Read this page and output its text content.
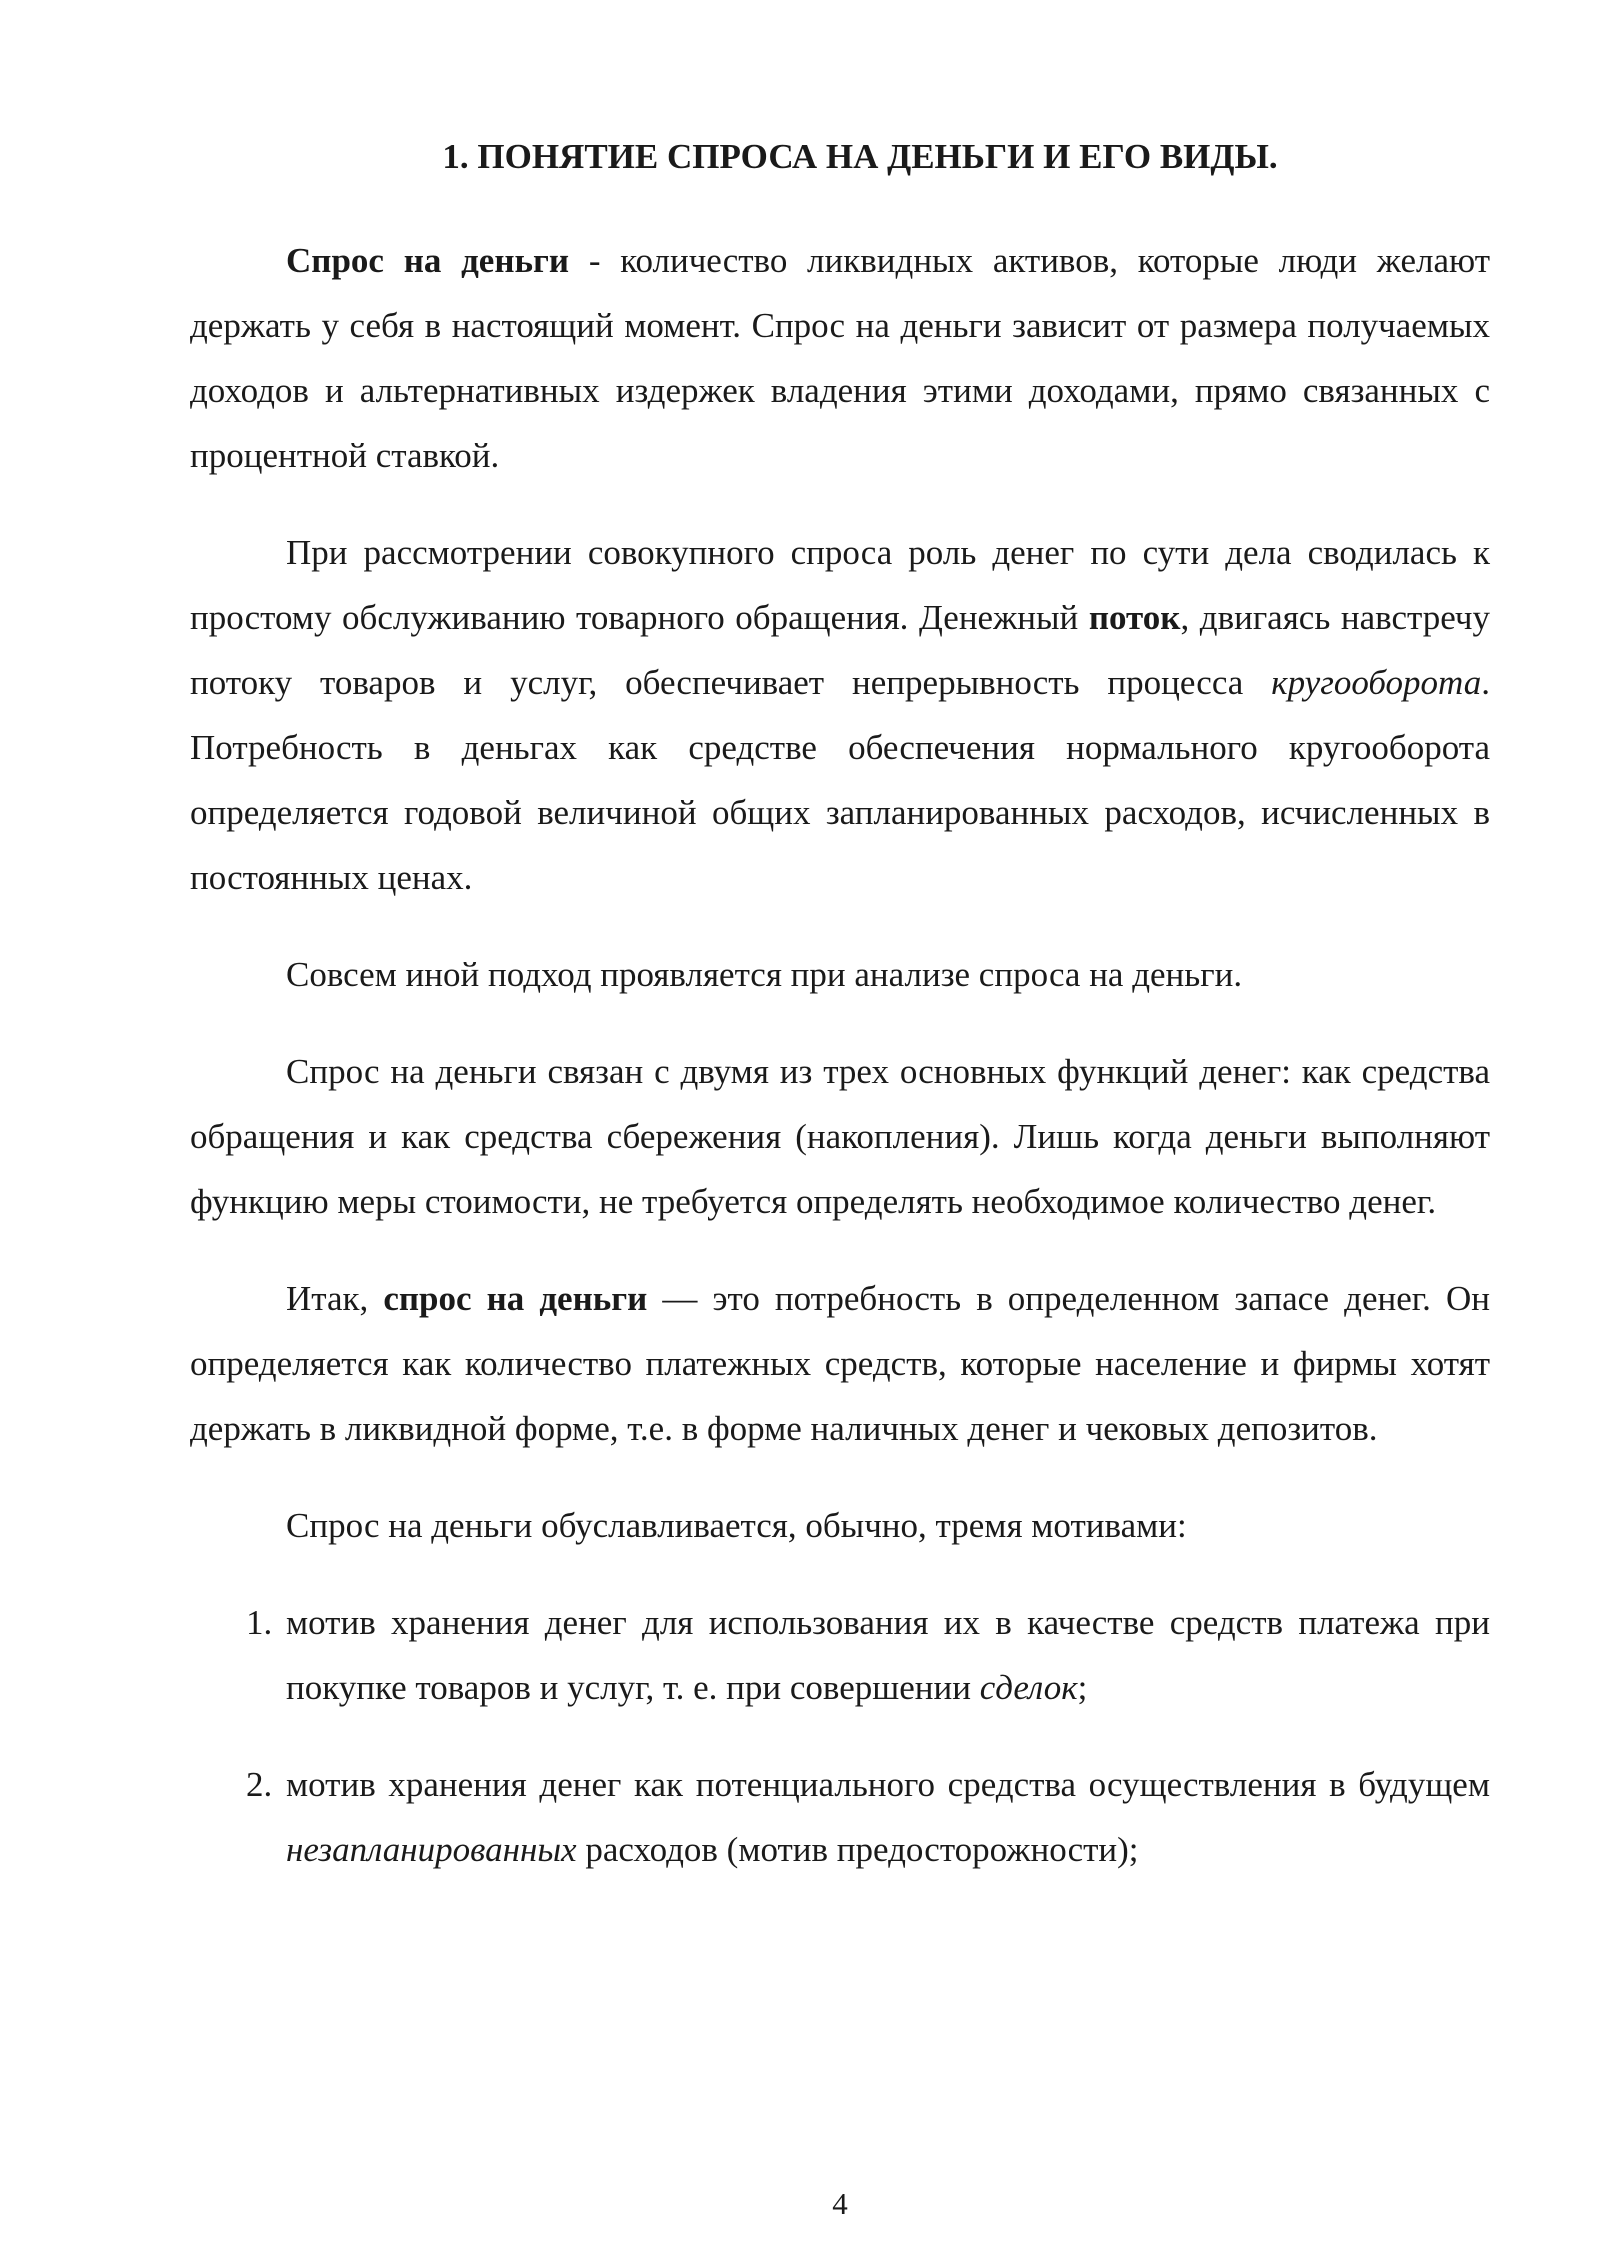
1. ПОНЯТИЕ СПРОСА НА ДЕНЬГИ И ЕГО ВИДЫ.

Спрос на деньги - количество ликвидных активов, которые люди желают держать у себя в настоящий момент. Спрос на деньги зависит от размера получаемых доходов и альтернативных издержек владения этими доходами, прямо связанных с процентной ставкой.

При рассмотрении совокупного спроса роль денег по сути дела сводилась к простому обслуживанию товарного обращения. Денежный поток, двигаясь навстречу потоку товаров и услуг, обеспечивает непрерывность процесса кругооборота. Потребность в деньгах как средстве обеспечения нормального кругооборота определяется годовой величиной общих запланированных расходов, исчисленных в постоянных ценах.

Совсем иной подход проявляется при анализе спроса на деньги.

Спрос на деньги связан с двумя из трех основных функций денег: как средства обращения и как средства сбережения (накопления). Лишь когда деньги выполняют функцию меры стоимости, не требуется определять необходимое количество денег.

Итак, спрос на деньги — это потребность в определенном запасе денег. Он определяется как количество платежных средств, которые население и фирмы хотят держать в ликвидной форме, т.е. в форме наличных денег и чековых депозитов.

Спрос на деньги обуславливается, обычно, тремя мотивами:

1. мотив хранения денег для использования их в качестве средств платежа при покупке товаров и услуг, т. е. при совершении сделок;
2. мотив хранения денег как потенциального средства осуществления в будущем незапланированных расходов (мотив предосторожности);
4
